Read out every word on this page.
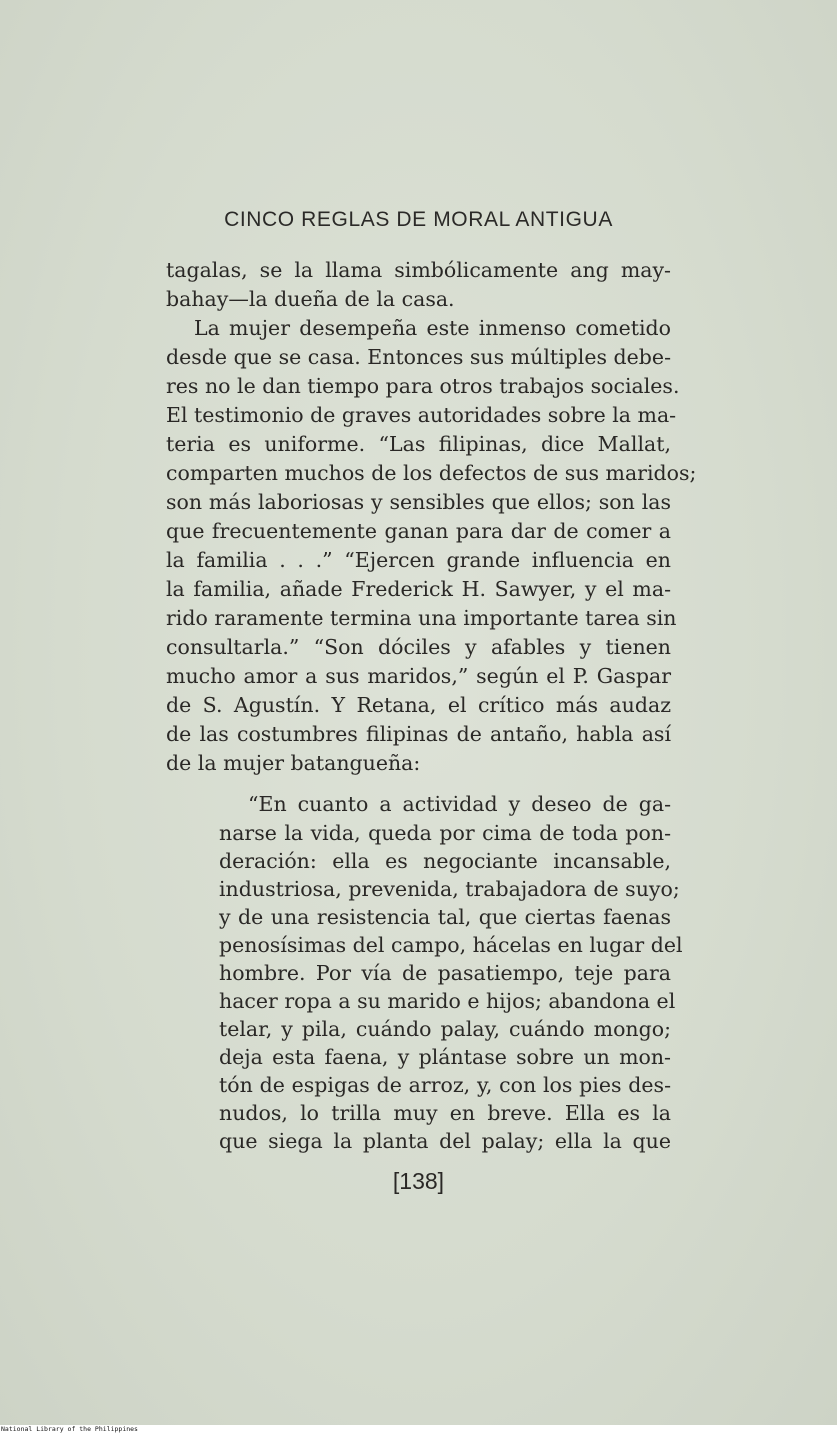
CINCO REGLAS DE MORAL ANTIGUA
tagalas, se la llama simbólicamente ang may-
bahay—la dueña de la casa.
La mujer desempeña este inmenso cometido
desde que se casa. Entonces sus múltiples debe-
res no le dan tiempo para otros trabajos sociales.
El testimonio de graves autoridades sobre la ma-
teria es uniforme. “Las filipinas, dice Mallat,
comparten muchos de los defectos de sus maridos;
son más laboriosas y sensibles que ellos; son las
que frecuentemente ganan para dar de comer a
la familia . . .” “Ejercen grande influencia en
la familia, añade Frederick H. Sawyer, y el ma-
rido raramente termina una importante tarea sin
consultarla.” “Son dóciles y afables y tienen
mucho amor a sus maridos,” según el P. Gaspar
de S. Agustín. Y Retana, el crítico más audaz
de las costumbres filipinas de antaño, habla así
de la mujer batangueña:
“En cuanto a actividad y deseo de ga-
narse la vida, queda por cima de toda pon-
deración: ella es negociante incansable,
industriosa, prevenida, trabajadora de suyo;
y de una resistencia tal, que ciertas faenas
penosísimas del campo, hácelas en lugar del
hombre. Por vía de pasatiempo, teje para
hacer ropa a su marido e hijos; abandona el
telar, y pila, cuándo palay, cuándo mongo;
deja esta faena, y plántase sobre un mon-
tón de espigas de arroz, y, con los pies des-
nudos, lo trilla muy en breve. Ella es la
que siega la planta del palay; ella la que
[138]
National Library of the Philippines
